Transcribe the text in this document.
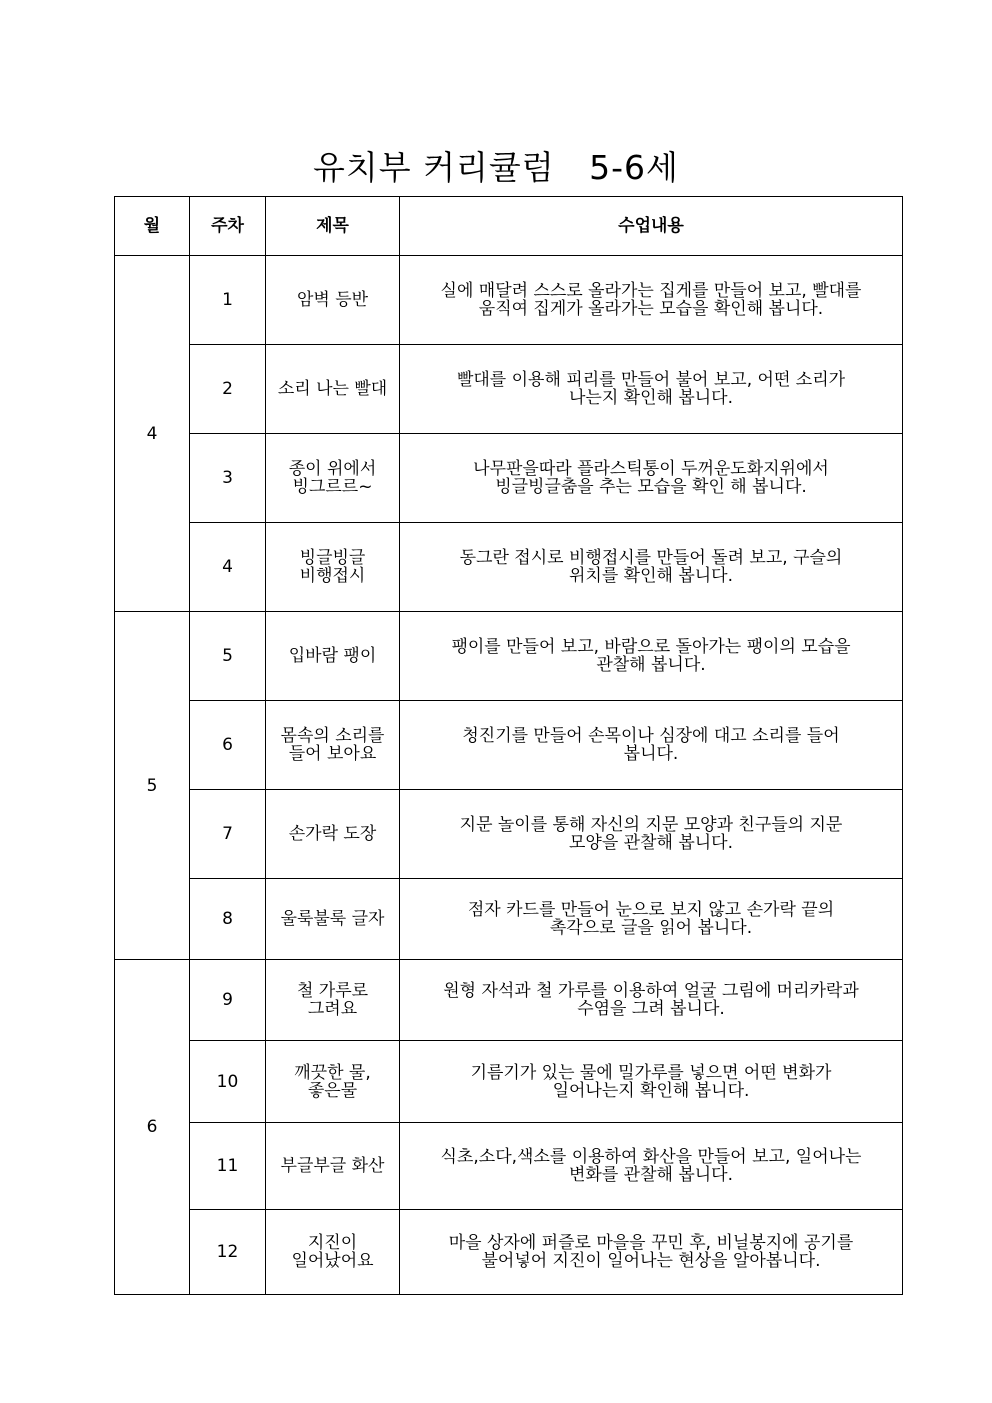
유치부 커리큘럼   5-6세
월	주차	제목	수업내용
4	1	암벽 등반	실에 매달려 스스로 올라가는 집게를 만들어 보고, 빨대를
움직여 집게가 올라가는 모습을 확인해 봅니다.
	2	소리 나는 빨대	빨대를 이용해 피리를 만들어 불어 보고, 어떤 소리가
나는지 확인해 봅니다.
	3	종이 위에서
빙그르르~	나무판을따라 플라스틱통이 두꺼운도화지위에서
빙글빙글춤을 추는 모습을 확인 해 봅니다.
	4	빙글빙글
비행접시	동그란 접시로 비행접시를 만들어 돌려 보고, 구슬의
위치를 확인해 봅니다.
5	5	입바람 팽이	팽이를 만들어 보고, 바람으로 돌아가는 팽이의 모습을
관찰해 봅니다.
	6	몸속의 소리를
들어 보아요	청진기를 만들어 손목이나 심장에 대고 소리를 들어
봅니다.
	7	손가락 도장	지문 놀이를 통해 자신의 지문 모양과 친구들의 지문
모양을 관찰해 봅니다.
	8	울룩불룩 글자	점자 카드를 만들어 눈으로 보지 않고 손가락 끝의
촉각으로 글을 읽어 봅니다.
6	9	철 가루로
그려요	원형 자석과 철 가루를 이용하여 얼굴 그림에 머리카락과
수염을 그려 봅니다.
	10	깨끗한 물,
좋은물	기름기가 있는 물에 밀가루를 넣으면 어떤 변화가
일어나는지 확인해 봅니다.
	11	부글부글 화산	식초,소다,색소를 이용하여 화산을 만들어 보고, 일어나는
변화를 관찰해 봅니다.
	12	지진이
일어났어요	마을 상자에 퍼즐로 마을을 꾸민 후, 비닐봉지에 공기를
불어넣어 지진이 일어나는 현상을 알아봅니다.
